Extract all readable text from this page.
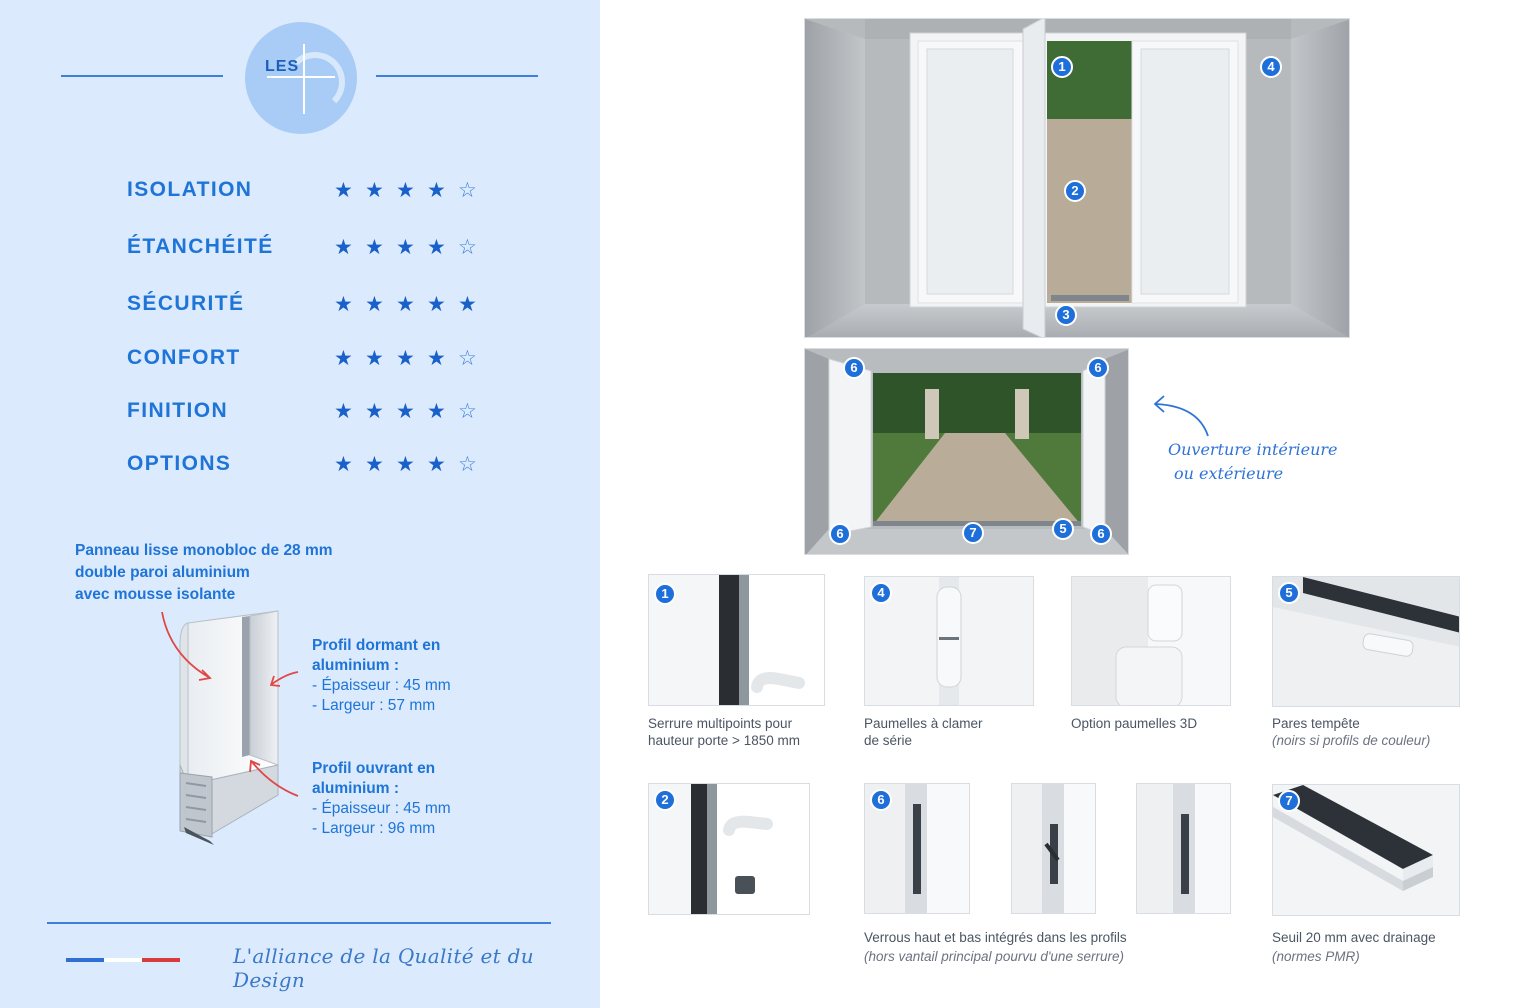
LES
ISOLATION	★ ★ ★ ★ ☆
ÉTANCHÉITÉ	★ ★ ★ ★ ☆
SÉCURITÉ	★ ★ ★ ★ ★
CONFORT	★ ★ ★ ★ ☆
FINITION	★ ★ ★ ★ ☆
OPTIONS	★ ★ ★ ★ ☆
Panneau lisse monobloc de 28 mm
double paroi aluminium
avec mousse isolante
Profil dormant en
aluminium :
- Épaisseur : 45 mm
- Largeur : 57 mm
Profil ouvrant en
aluminium :
- Épaisseur : 45 mm
- Largeur : 96 mm
L'alliance de la Qualité et du Design
1
2
3
4
6	6
6	7	5	6
Ouverture intérieure
ou extérieure
1
Serrure multipoints pour
hauteur porte > 1850 mm
4
Paumelles à clamer
de série
Option paumelles 3D
5
Pares tempête
(noirs si profils de couleur)
2	6
Verrous haut et bas intégrés dans les profils
(hors vantail principal pourvu d'une serrure)
7
Seuil 20 mm avec drainage
(normes PMR)
